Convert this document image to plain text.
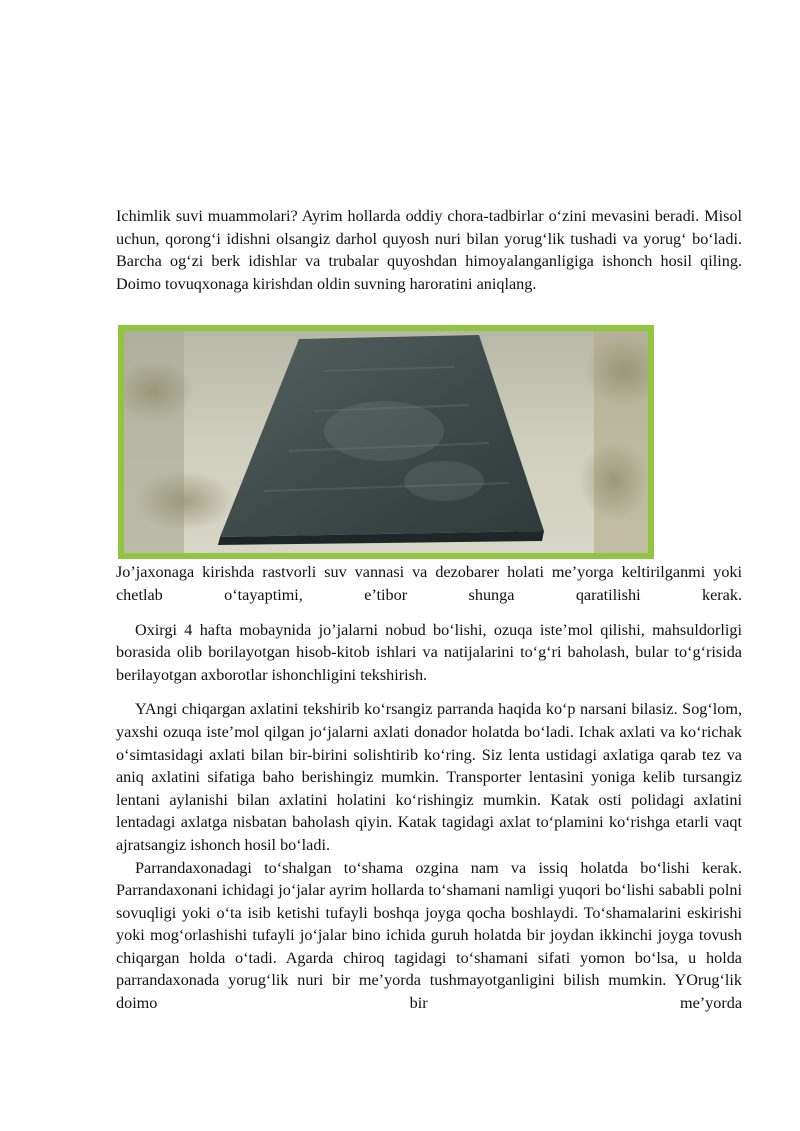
Ichimlik suvi muammolari? Ayrim hollarda oddiy chora-tadbirlar o‘zini mevasini beradi. Misol uchun, qorong‘i idishni olsangiz darhol quyosh nuri bilan yorug‘lik tushadi va yorug‘ bo‘ladi. Barcha og‘zi berk idishlar va trubalar quyoshdan himoyalanganligiga ishonch hosil qiling. Doimo tovuqxonaga kirishdan oldin suvning haroratini aniqlang.

Jo’jaxonaga kirishda rastvorli suv vannasi va dezobarer holati me’yorga keltirilganmi yoki chetlab o‘tayaptimi, e’tibor shunga qaratilishi kerak.

Oxirgi 4 hafta mobaynida jo’jalarni nobud bo‘lishi, ozuqa iste’mol qilishi, mahsuldorligi borasida olib borilayotgan hisob-kitob ishlari va natijalarini to‘g‘ri baholash, bular to‘g‘risida berilayotgan axborotlar ishonchligini tekshirish.

YAngi chiqargan axlatini tekshirib ko‘rsangiz parranda haqida ko‘p narsani bilasiz. Sog‘lom, yaxshi ozuqa iste’mol qilgan jo‘jalarni axlati donador holatda bo‘ladi. Ichak axlati va ko‘richak o‘simtasidagi axlati bilan bir-birini solishtirib ko‘ring. Siz lenta ustidagi axlatiga qarab tez va aniq axlatini sifatiga baho berishingiz mumkin. Transporter lentasini yoniga kelib tursangiz lentani aylanishi bilan axlatini holatini ko‘rishingiz mumkin. Katak osti polidagi axlatini lentadagi axlatga nisbatan baholash qiyin. Katak tagidagi axlat to‘plamini ko‘rishga etarli vaqt ajratsangiz ishonch hosil bo‘ladi.

Parrandaxonadagi to‘shalgan to‘shama ozgina nam va issiq holatda bo‘lishi kerak. Parrandaxonani ichidagi jo‘jalar ayrim hollarda to‘shamani namligi yuqori bo‘lishi sababli polni sovuqligi yoki o‘ta isib ketishi tufayli boshqa joyga qocha boshlaydi. To‘shamalarini eskirishi yoki mog‘orlashishi tufayli jo‘jalar bino ichida guruh holatda bir joydan ikkinchi joyga tovush chiqargan holda o‘tadi. Agarda chiroq tagidagi to‘shamani sifati yomon bo‘lsa, u holda parrandaxonada yorug‘lik nuri bir me’yorda tushmayotganligini bilish mumkin. YOrug‘lik doimo bir me’yorda
